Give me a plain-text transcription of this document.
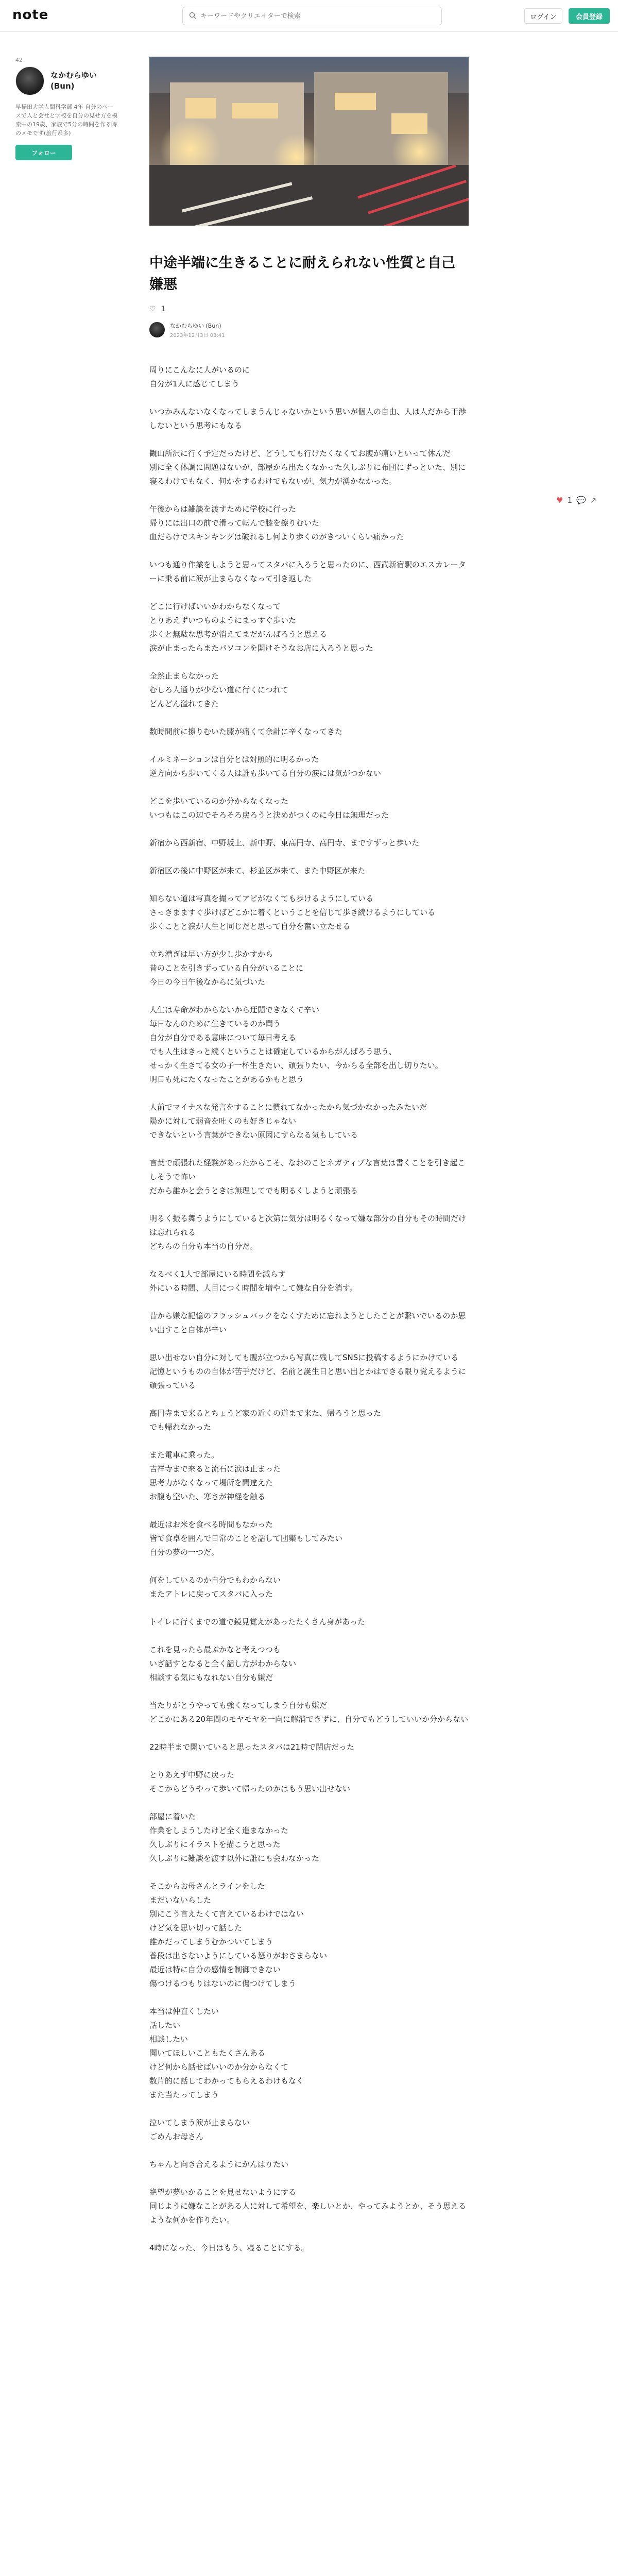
note
キーワードやクリエイターで検索	ログイン	会員登録
42
なかむらゆい
(Bun)
早稲田大学人間科学部 4年 自分のペースで人と会社と学校を自分の見せ方を模索中の19歳、家族で5分の時間を作る時のメモです(旅行系多)
フォロー
中途半端に生きることに耐えられない性質と自己嫌悪
♡ 1
なかむらゆい (Bun)
2023年12月3日 03:41

周りにこんなに人がいるのに
自分が1人に感じてしまう

いつかみんないなくなってしまうんじゃないかという思いが個人の自由、人は人だから干渉しないという思考にもなる

観山所沢に行く予定だったけど、どうしても行けたくなくてお腹が痛いといって休んだ
別に全く体調に問題はないが、部屋から出たくなかった久しぶりに布団にずっといた、別に寝るわけでもなく、何かをするわけでもないが、気力が湧かなかった。

午後からは雑談を渡すために学校に行った
帰りには出口の前で滑って転んで膝を擦りむいた
血だらけでスキンキングは破れるし何より歩くのがきついくらい痛かった

いつも通り作業をしようと思ってスタバに入ろうと思ったのに、西武新宿駅のエスカレーターに乗る前に涙が止まらなくなって引き返した

どこに行けばいいかわからなくなって
とりあえずいつものようにまっすぐ歩いた
歩くと無駄な思考が消えてまだがんばろうと思える
涙が止まったらまたパソコンを開けそうなお店に入ろうと思った

全然止まらなかった
むしろ人通りが少ない道に行くにつれて
どんどん溢れてきた

数時間前に擦りむいた膝が痛くて余計に辛くなってきた

イルミネーションは自分とは対照的に明るかった
逆方向から歩いてくる人は誰も歩いてる自分の涙には気がつかない

どこを歩いているのか分からなくなった
いつもはこの辺でそろそろ戻ろうと決めがつくのに今日は無理だった

新宿から西新宿、中野坂上、新中野、東高円寺、高円寺、まですずっと歩いた

新宿区の後に中野区が来て、杉並区が来て、また中野区が来た

知らない道は写真を撮ってアピがなくても歩けるようにしている
さっきまますぐ歩けばどこかに着くということを信じて歩き続けるようにしている
歩くことと涙が人生と同じだと思って自分を奮い立たせる

立ち漕ぎは早い方が少し歩かすから
昔のことを引きずっている自分がいることに
今日の今日午後なからに気づいた

人生は寿命がわからないから迂闊できなくて辛い
毎日なんのために生きているのか問う
自分が自分である意味について毎日考える
でも人生はきっと続くということは確定しているからがんばろう思う、
せっかく生きてる女の子一杯生きたい、頑張りたい、今からる全部を出し切りたい。
明日も死にたくなったことがあるかもと思う

人前でマイナスな発言をすることに慣れてなかったから気づかなかったみたいだ
陽かに対して弱音を吐くのも好きじゃない
できないという言葉ができない原因にすらなる気もしている

言葉で頑張れた経験があったからこそ、なおのことネガティブな言葉は書くことを引き起こしそうで怖い
だから誰かと会うときは無理してでも明るくしようと頑張る

明るく振る舞うようにしていると次第に気分は明るくなって嫌な部分の自分もその時間だけは忘れられる
どちらの自分も本当の自分だ。

なるべく1人で部屋にいる時間を減らす
外にいる時間、人目につく時間を増やして嫌な自分を消す。

昔から嫌な記憶のフラッシュバックをなくすために忘れようとしたことが繋いでいるのか思い出すこと自体が辛い

思い出せない自分に対しても腹が立つから写真に残してSNSに投稿するようにかけている
記憶というものの自体が苦手だけど、名前と誕生日と思い出とかはできる限り覚えるように頑張っている

高円寺まで来るとちょうど家の近くの道まで来た、帰ろうと思った
でも帰れなかった

また電車に乗った。
吉祥寺まで来ると流石に涙は止まった
思考力がなくなって場所を間違えた
お腹も空いた、寒さが神経を触る

最近はお米を食べる時間もなかった
皆で食卓を囲んで日常のことを話して団欒もしてみたい
自分の夢の一つだ。

何をしているのか自分でもわからない
またアトレに戻ってスタバに入った

トイレに行くまでの道で鏡見覚えがあったたくさん身があった

これを見ったら最ぶかなと考えつつも
いざ話すとなると全く話し方がわからない
相談する気にもなれない自分も嫌だ

当たりがとうやっても強くなってしまう自分も嫌だ
どこかにある20年間のモヤモヤを一向に解消できずに、自分でもどうしていいか分からない

22時半まで開いていると思ったスタバは21時で閉店だった

とりあえず中野に戻った
そこからどうやって歩いて帰ったのかはもう思い出せない

部屋に着いた
作業をしようしたけど全く進まなかった
久しぶりにイラストを描こうと思った
久しぶりに雑談を渡す以外に誰にも会わなかった

そこからお母さんとラインをした
まだいないらした
別にこう言えたくて言えているわけではない
けど気を思い切って話した
誰かだってしまうむかついてしまう
普段は出さないようにしている怒りがおさまらない
最近は特に自分の感情を制御できない
傷つけるつもりはないのに傷つけてしまう

本当は仲直くしたい
話したい
相談したい
聞いてほしいこともたくさんある
けど何から話せばいいのか分からなくて
数片的に話してわかってもらえるわけもなく
また当たってしまう

泣いてしまう涙が止まらない
ごめんお母さん

ちゃんと向き合えるようにがんばりたい

絶望が夢いかることを見せないようにする
同じように嫌なことがある人に対して希望を、楽しいとか、やってみようとか、そう思えるような何かを作りたい。

4時になった、今日はもう、寝ることにする。

♥ 1 💬 ↗
